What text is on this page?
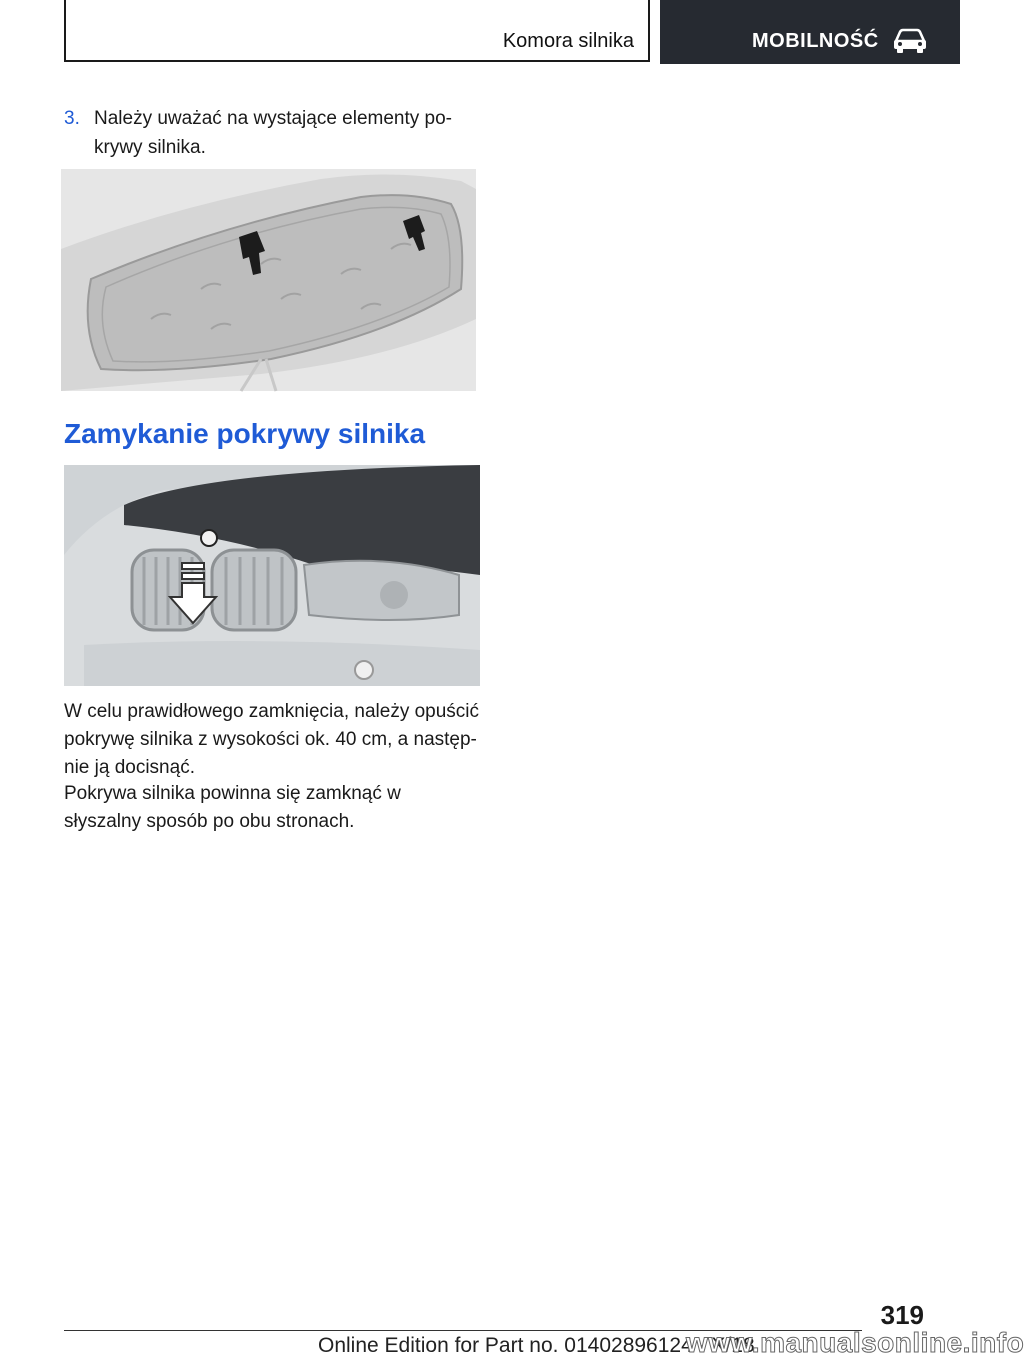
Komora silnika	MOBILNOŚĆ
3. Należy uważać na wystające elementy po‐ krywy silnika.
Zamykanie pokrywy silnika

W celu prawidłowego zamknięcia, należy opuścić pokrywę silnika z wysokości ok. 40 cm, a następ‐ nie ją docisnąć.

Pokrywa silnika powinna się zamknąć w słyszalny sposób po obu stronach.

319
Online Edition for Part no. 01402896124 - X/18
www.manualsonline.info
